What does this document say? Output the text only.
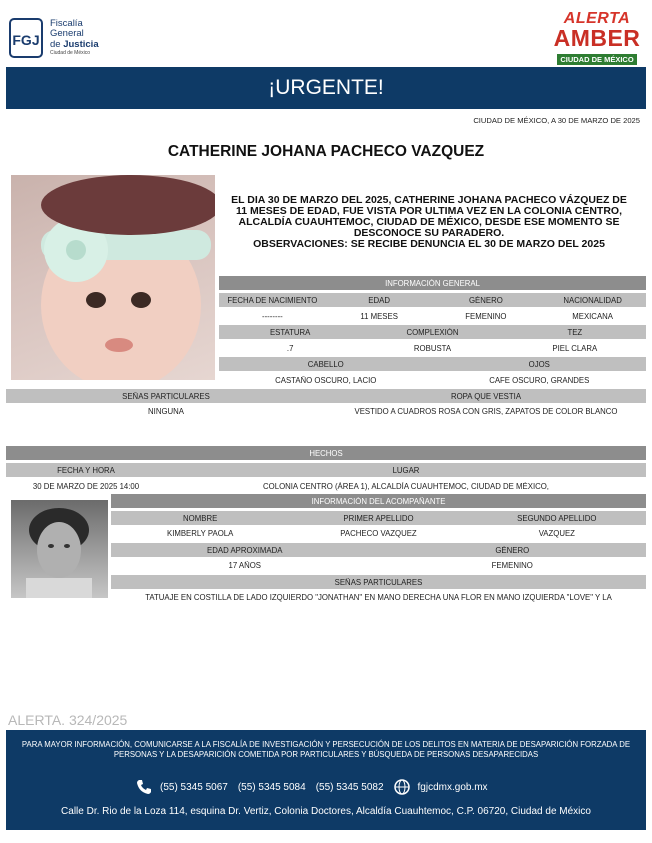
FGJ
Fiscalía
General
de Justicia
Ciudad de México
ALERTA
AMBER
CIUDAD DE MÉXICO
¡URGENTE!
CIUDAD DE MÉXICO, A 30 DE MARZO DE 2025
CATHERINE JOHANA PACHECO VAZQUEZ
EL DIA 30 DE MARZO DEL 2025, CATHERINE JOHANA PACHECO VÁZQUEZ DE 11 MESES DE EDAD, FUE VISTA POR ULTIMA VEZ EN LA COLONIA CENTRO, ALCALDÍA CUAUHTEMOC, CIUDAD DE MÉXICO, DESDE ESE MOMENTO SE DESCONOCE SU PARADERO.
OBSERVACIONES: SE RECIBE DENUNCIA EL 30 DE MARZO DEL 2025
INFORMACIÓN GENERAL
FECHA DE NACIMIENTO	EDAD	GÉNERO	NACIONALIDAD
--------	11 MESES	FEMENINO	MEXICANA
ESTATURA	COMPLEXIÓN	TEZ
.7	ROBUSTA	PIEL CLARA
CABELLO	OJOS
CASTAÑO OSCURO, LACIO	CAFE OSCURO, GRANDES
SEÑAS PARTICULARES	ROPA QUE VESTIA
NINGUNA	VESTIDO A CUADROS ROSA CON GRIS, ZAPATOS DE COLOR BLANCO
HECHOS
FECHA Y HORA	LUGAR
30 DE MARZO DE 2025 14:00	COLONIA CENTRO (ÁREA 1), ALCALDÍA CUAUHTEMOC, CIUDAD DE MÉXICO,
INFORMACIÓN DEL ACOMPAÑANTE
NOMBRE	PRIMER APELLIDO	SEGUNDO APELLIDO
KIMBERLY PAOLA	PACHECO VAZQUEZ	VAZQUEZ
EDAD APROXIMADA	GÉNERO
17 AÑOS	FEMENINO
SEÑAS PARTICULARES
TATUAJE EN COSTILLA DE LADO IZQUIERDO "JONATHAN" EN MANO DERECHA UNA FLOR EN MANO IZQUIERDA "LOVE" Y LA
ALERTA. 324/2025
PARA MAYOR INFORMACIÓN, COMUNICARSE A LA FISCALÍA DE INVESTIGACIÓN Y PERSECUCIÓN DE LOS DELITOS EN MATERIA DE DESAPARICIÓN FORZADA DE PERSONAS Y LA DESAPARICIÓN COMETIDA POR PARTICULARES Y BÚSQUEDA DE PERSONAS DESAPARECIDAS
(55) 5345 5067 (55) 5345 5084 (55) 5345 5082	fgjcdmx.gob.mx
Calle Dr. Rio de la Loza 114, esquina Dr. Vertiz, Colonia Doctores, Alcaldía Cuauhtemoc, C.P. 06720, Ciudad de México
